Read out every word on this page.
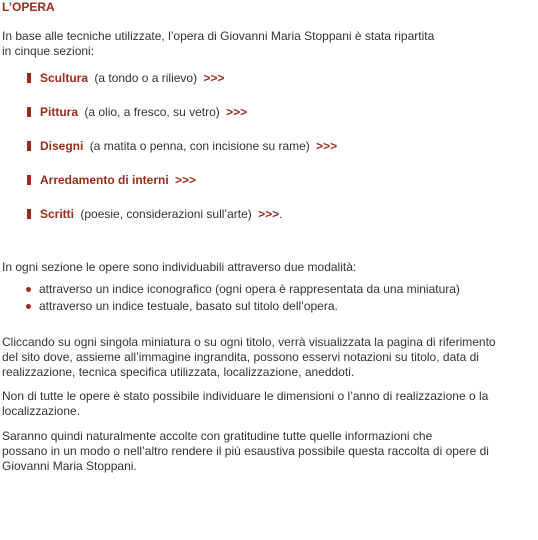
L’OPERA
In base alle tecniche utilizzate, l’opera di Giovanni Maria Stoppani è stata ripartita
in cinque sezioni:
Scultura (a tondo o a rilievo) >>>
Pittura (a olio, a fresco, su vetro) >>>
Disegni (a matita o penna, con incisione su rame) >>>
Arredamento di interni >>>
Scritti (poesie, considerazioni sull’arte) >>>.
In ogni sezione le opere sono individuabili attraverso due modalità:
attraverso un indice iconografico (ogni opera è rappresentata da una miniatura)
attraverso un indice testuale, basato sul titolo dell’opera.
Cliccando su ogni singola miniatura o su ogni titolo, verrà visualizzata la pagina di riferimento
del sito dove, assieme all’immagine ingrandita, possono esservi notazioni su titolo, data di
realizzazione, tecnica specifica utilizzata, localizzazione, aneddoti.
Non di tutte le opere è stato possibile individuare le dimensioni o l’anno di realizzazione o la
localizzazione.
Saranno quindi naturalmente accolte con gratitudine tutte quelle informazioni che
possano in un modo o nell’altro rendere il più esaustiva possibile questa raccolta di opere di
Giovanni Maria Stoppani.
